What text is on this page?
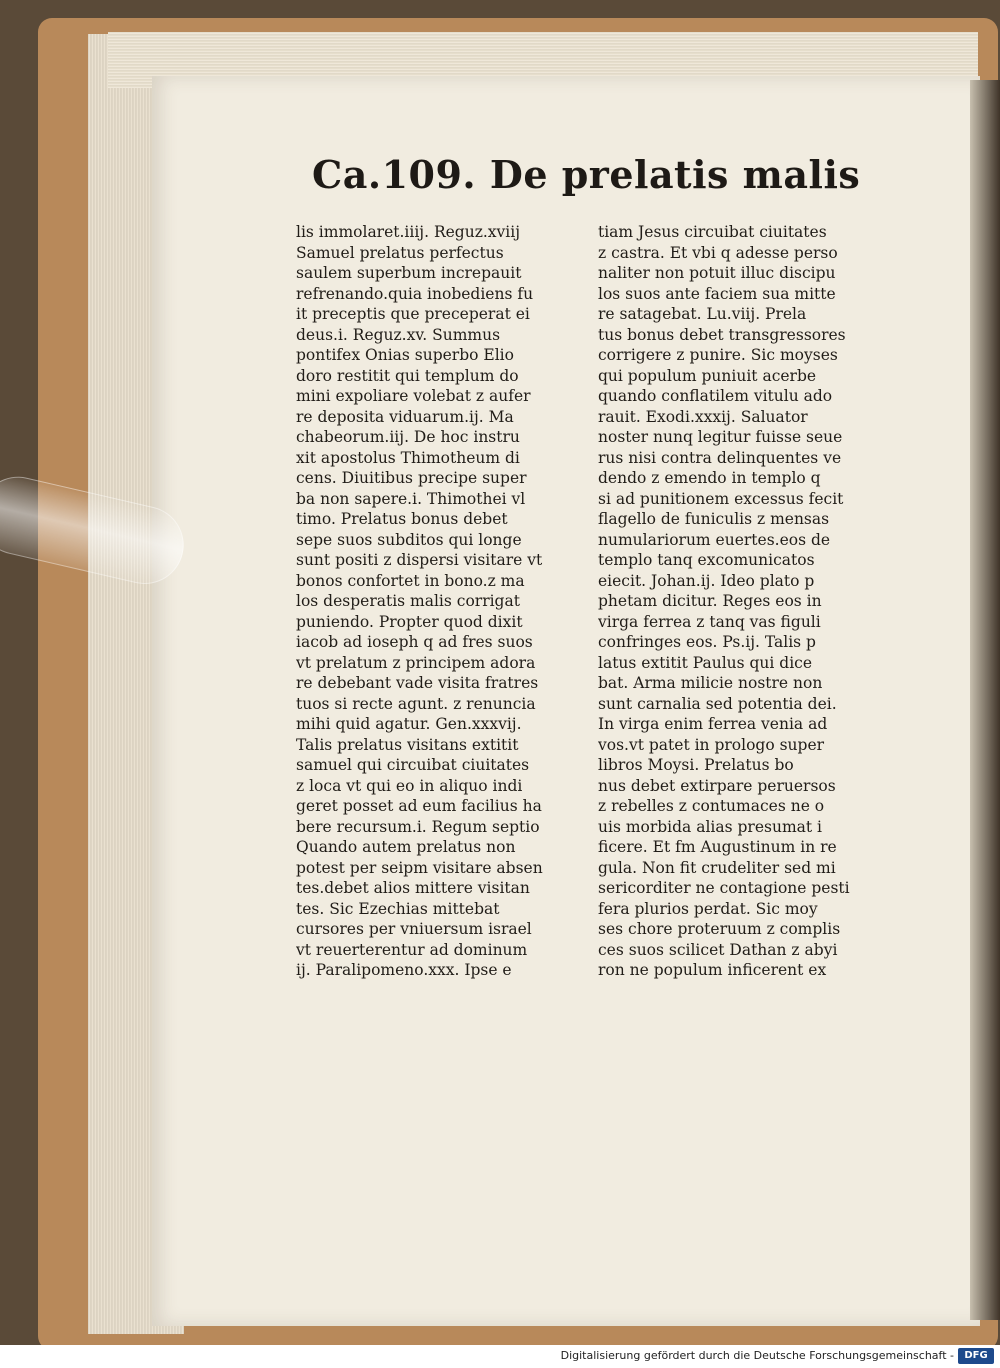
Ca.109. De prelatis malis
lis immolaret.iiij. Reguz.xviij
Samuel prelatus perfectus
saulem superbum increpauit
refrenando.quia inobediens fu
it preceptis que preceperat ei
deus.i. Reguz.xv. Summus
pontifex Onias superbo Elio
doro restitit qui templum do
mini expoliare volebat z aufer
re deposita viduarum.ij. Ma
chabeorum.iij. De hoc instru
xit apostolus Thimotheum di
cens. Diuitibus precipe super
ba non sapere.i. Thimothei vl
timo. Prelatus bonus debet
sepe suos subditos qui longe
sunt positi z dispersi visitare vt
bonos confortet in bono.z ma
los desperatis malis corrigat
puniendo. Propter quod dixit
iacob ad ioseph q ad fres suos
vt prelatum z principem adora
re debebant vade visita fratres
tuos si recte agunt. z renuncia
mihi quid agatur. Gen.xxxvij.
Talis prelatus visitans extitit
samuel qui circuibat ciuitates
z loca vt qui eo in aliquo indi
geret posset ad eum facilius ha
bere recursum.i. Regum septio
Quando autem prelatus non
potest per seipm visitare absen
tes.debet alios mittere visitan
tes. Sic Ezechias mittebat
cursores per vniuersum israel
vt reuerterentur ad dominum
ij. Paralipomeno.xxx. Ipse e
tiam Jesus circuibat ciuitates
z castra. Et vbi q adesse perso
naliter non potuit illuc discipu
los suos ante faciem sua mitte
re satagebat. Lu.viij. Prela
tus bonus debet transgressores
corrigere z punire. Sic moyses
qui populum puniuit acerbe
quando conflatilem vitulu ado
rauit. Exodi.xxxij. Saluator
noster nunq legitur fuisse seue
rus nisi contra delinquentes ve
dendo z emendo in templo q
si ad punitionem excessus fecit
flagello de funiculis z mensas
numulariorum euertes.eos de
templo tanq excomunicatos
eiecit. Johan.ij. Ideo plato p
phetam dicitur. Reges eos in
virga ferrea z tanq vas figuli
confringes eos. Ps.ij. Talis p
latus extitit Paulus qui dice
bat. Arma milicie nostre non
sunt carnalia sed potentia dei.
In virga enim ferrea venia ad
vos.vt patet in prologo super
libros Moysi. Prelatus bo
nus debet extirpare peruersos
z rebelles z contumaces ne o
uis morbida alias presumat i
ficere. Et fm Augustinum in re
gula. Non fit crudeliter sed mi
sericorditer ne contagione pesti
fera plurios perdat. Sic moy
ses chore proteruum z complis
ces suos scilicet Dathan z abyi
ron ne populum inficerent ex
Digitalisierung gefördert durch die Deutsche Forschungsgemeinschaft -	DFG
